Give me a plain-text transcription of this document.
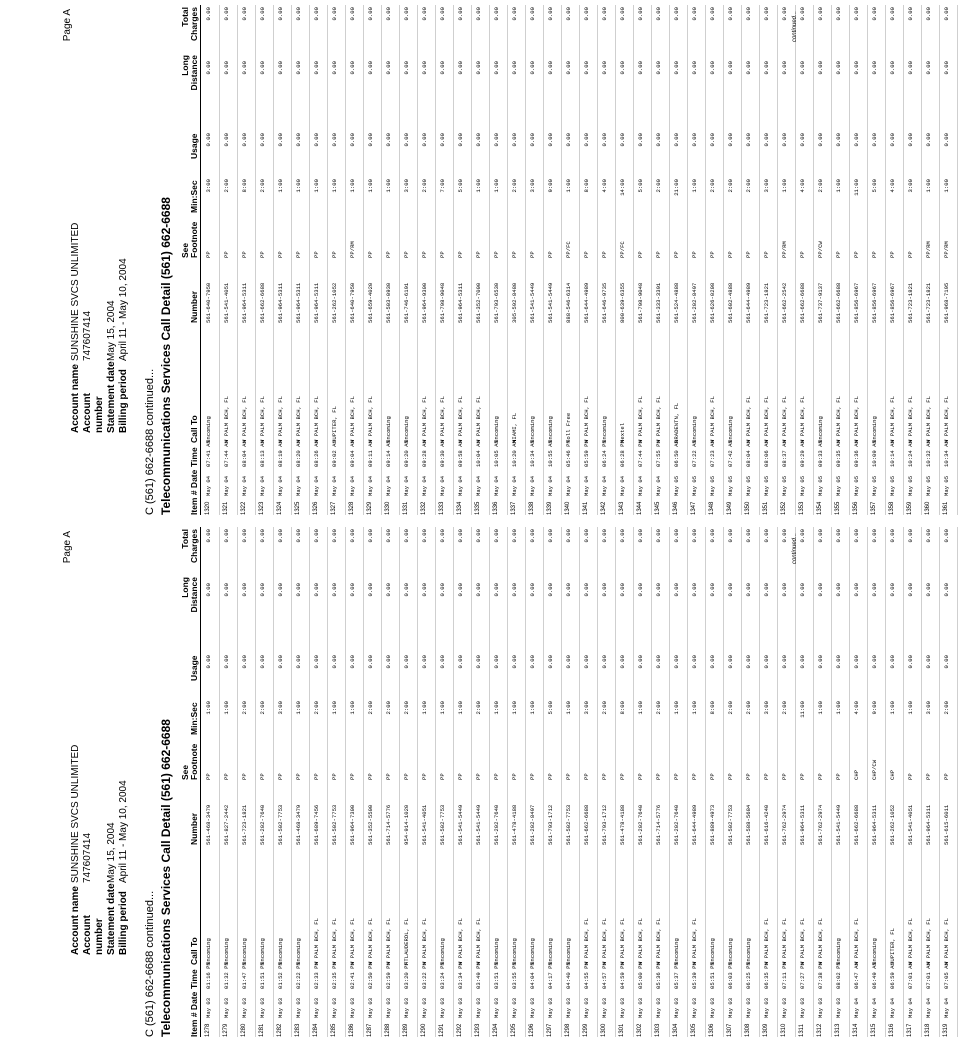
Page A
Account name
SUNSHINE SVCS UNLIMITED
Account number
747607414
Statement date
May 15, 2004
Billing period
April 11 - May 10, 2004
C (561) 662-6688 continued... Telecommunications Services Call Detail (561) 662-6688 Item # Date
Time
Call To
Number
See Footnote
Min:Sec
Usage
Long Distance
Total Charges
1278
May 03
01:16 PM
Incoming
561-468-3479
PP
1:00
0.00
0.00
0.00
1279
May 03
01:32 PM
Incoming
561-827-2442
PP
1:00
0.00
0.00
0.00
1280
May 03
01:47 PM
Incoming
561-723-1821
PP
2:00
0.00
0.00
0.00
1281
May 03
01:51 PM
Incoming
561-202-7640
PP
2:00
0.00
0.00
0.00
1282
May 03
01:52 PM
Incoming
561-502-7753
PP
3:00
0.00
0.00
0.00
1283
May 03
02:22 PM
Incoming
561-468-3479
PP
1:00
0.00
0.00
0.00
1284
May 03
02:33 PM
W PALM BCH, FL
561-689-7456
PP
2:00
0.00
0.00
0.00
1285
May 03
02:35 PM
W PALM BCH, FL
561-502-7753
PP
1:00
0.00
0.00
0.00
1286
May 03
02:41 PM
W PALM BCH, FL
561-964-7300
PP
1:00
0.00
0.00
0.00
1287
May 03
02:50 PM
W PALM BCH, FL
561-352-5500
PP
2:00
0.00
0.00
0.00
1288
May 03
02:59 PM
W PALM BCH, FL
561-714-5776
PP
2:00
0.00
0.00
0.00
1289
May 03
03:20 PM
FTLAUDERDL, FL
954-914-1020
PP
2:00
0.00
0.00
0.00
1290
May 03
03:22 PM
W PALM BCH, FL
561-541-4051
PP
1:00
0.00
0.00
0.00
1291
May 03
03:24 PM
Incoming
561-502-7753
PP
1:00
0.00
0.00
0.00
1292
May 03
03:34 PM
W PALM BCH, FL
561-541-5449
PP
1:00
0.00
0.00
0.00
1293
May 03
03:49 PM
W PALM BCH, FL
561-541-5449
PP
2:00
0.00
0.00
0.00
1294
May 03
03:51 PM
Incoming
561-202-7640
PP
1:00
0.00
0.00
0.00
1295
May 03
03:55 PM
Incoming
561-478-4188
PP
1:00
0.00
0.00
0.00
1296
May 03
04:04 PM
Incoming
561-202-8497
PP
1:00
0.00
0.00
0.00
1297
May 03
04:17 PM
Incoming
561-793-1712
PP
5:00
0.00
0.00
0.00
1298
May 03
04:40 PM
Incoming
561-502-7753
PP
1:00
0.00
0.00
0.00
1299
May 03
04:55 PM
W PALM BCH, FL
561-662-6688
PP
3:00
0.00
0.00
0.00
1300
May 03
04:57 PM
W PALM BCH, FL
561-793-1712
PP
2:00
0.00
0.00
0.00
1301
May 03
04:59 PM
W PALM BCH, FL
561-478-4188
PP
8:00
0.00
0.00
0.00
1302
May 03
05:00 PM
W PALM BCH, FL
561-202-7640
PP
1:00
0.00
0.00
0.00
1303
May 03
05:36 PM
W PALM BCH, FL
561-714-5776
PP
2:00
0.00
0.00
0.00
1304
May 03
05:37 PM
Incoming
561-202-7640
PP
1:00
0.00
0.00
0.00
1305
May 03
05:39 PM
W PALM BCH, FL
561-644-4989
PP
1:00
0.00
0.00
0.00
1306
May 03
05:51 PM
Incoming
561-889-4973
PP
8:00
0.00
0.00
0.00
1307
May 03
06:03 PM
Incoming
561-502-7753
PP
2:00
0.00
0.00
0.00
1308
May 03
06:25 PM
Incoming
561-588-5684
PP
2:00
0.00
0.00
0.00
1309
May 03
06:35 PM
W PALM BCH, FL
561-616-4240
PP
3:00
0.00
0.00
0.00
1310
May 03
07:11 PM
W PALM BCH, FL
561-762-2974
PP
2:00
0.00
0.00
0.00
1311
May 03
07:27 PM
W PALM BCH, FL
561-964-5311
PP
11:00
0.00
0.00
0.00
1312
May 03
07:38 PM
W PALM BCH, FL
561-762-2974
PP
1:00
0.00
0.00
0.00
1313
May 03
08:02 PM
Incoming
561-541-5449
PP
1:00
0.00
0.00
0.00
1314
May 04
06:47 AM
W PALM BCH, FL
561-662-6688
CHP
4:00
0.00
0.00
0.00
1315
May 04
06:49 AM
Incoming
561-964-5311
CHP/CW
9:00
0.00
0.00
0.00
1316
May 04
06:59 AM
JUPITER, FL
561-262-1052
CHP
1:00
0.00
0.00
0.00
1317
May 04
07:01 AM
W PALM BCH, FL
561-541-4051
PP
1:00
0.00
0.00
0.00
1318
May 04
07:01 AM
W PALM BCH, FL
561-964-5311
PP
3:00
0.00
0.00
0.00
1319
May 04
07:05 AM
W PALM BCH, FL
561-615-6011
PP
2:00
0.00
0.00
0.00
continued...
Page A
Account name
SUNSHINE SVCS UNLIMITED
Account number
747607414
Statement date
May 15, 2004
Billing period
April 11 - May 10, 2004
C (561) 662-6688 continued... Telecommunications Services Call Detail (561) 662-6688 Item # Date
Time
Call To
Number
See Footnote
Min:Sec
Usage
Long Distance
Total Charges
1320
May 04
07:41 AM
Incoming
561-640-7950
PP
3:00
0.00
0.00
0.00
1321
May 04
07:44 AM
W PALM BCH, FL
561-541-4051
PP
2:00
0.00
0.00
0.00
1322
May 04
08:04 AM
W PALM BCH, FL
561-964-5311
PP
8:00
0.00
0.00
0.00
1323
May 04
08:13 AM
W PALM BCH, FL
561-662-6688
PP
2:00
0.00
0.00
0.00
1324
May 04
08:19 AM
W PALM BCH, FL
561-964-5311
PP
1:00
0.00
0.00
0.00
1325
May 04
08:20 AM
W PALM BCH, FL
561-964-5311
PP
1:00
0.00
0.00
0.00
1326
May 04
08:26 AM
W PALM BCH, FL
561-964-5311
PP
1:00
0.00
0.00
0.00
1327
May 04
09:02 AM
JUPITER, FL
561-262-1052
PP
1:00
0.00
0.00
0.00
1328
May 04
09:04 AM
W PALM BCH, FL
561-640-7950
PP/RM
1:00
0.00
0.00
0.00
1329
May 04
09:11 AM
W PALM BCH, FL
561-659-4020
PP
1:00
0.00
0.00
0.00
1330
May 04
09:14 AM
Incoming
561-503-0930
PP
1:00
0.00
0.00
0.00
1331
May 04
09:20 AM
Incoming
561-746-6191
PP
3:00
0.00
0.00
0.00
1332
May 04
09:28 AM
W PALM BCH, FL
561-964-9300
PP
2:00
0.00
0.00
0.00
1333
May 04
09:30 AM
W PALM BCH, FL
561-798-9048
PP
7:00
0.00
0.00
0.00
1334
May 04
09:58 AM
W PALM BCH, FL
561-964-5311
PP
5:00
0.00
0.00
0.00
1335
May 04
10:04 AM
W PALM BCH, FL
561-352-7000
PP
1:00
0.00
0.00
0.00
1336
May 04
10:05 AM
Incoming
561-793-6530
PP
1:00
0.00
0.00
0.00
1337
May 04
10:20 AM
MIAMI, FL
305-592-8480
PP
2:00
0.00
0.00
0.00
1338
May 04
10:34 AM
Incoming
561-541-5449
PP
3:00
0.00
0.00
0.00
1339
May 04
10:55 AM
Incoming
561-541-5449
PP
9:00
0.00
0.00
0.00
1340
May 04
05:46 PM
Toll Free
888-546-6314
PP/FC
1:00
0.00
0.00
0.00
1341
May 04
05:59 PM
W PALM BCH, FL
561-644-4989
PP
8:00
0.00
0.00
0.00
1342
May 04
06:24 PM
Incoming
561-646-9735
PP
4:00
0.00
0.00
0.00
1343
May 04
06:28 PM
Nextel
800-639-6355
PP/FC
14:00
0.00
0.00
0.00
1344
May 04
07:44 PM
W PALM BCH, FL
561-798-9048
PP
5:00
0.00
0.00
0.00
1345
May 04
07:55 PM
W PALM BCH, FL
561-333-3391
PP
2:00
0.00
0.00
0.00
1346
May 05
06:50 AM
BRADENTN, FL
561-524-4888
PP
21:00
0.00
0.00
0.00
1347
May 05
07:22 AM
Incoming
561-202-8497
PP
1:00
0.00
0.00
0.00
1348
May 05
07:23 AM
W PALM BCH, FL
561-626-0208
PP
2:00
0.00
0.00
0.00
1349
May 05
07:42 AM
Incoming
561-602-4888
PP
2:00
0.00
0.00
0.00
1350
May 05
08:04 AM
W PALM BCH, FL
561-644-4989
PP
2:00
0.00
0.00
0.00
1351
May 05
08:06 AM
W PALM BCH, FL
561-723-1821
PP
3:00
0.00
0.00
0.00
1352
May 05
08:37 AM
W PALM BCH, FL
561-662-2542
PP/RM
1:00
0.00
0.00
0.00
1353
May 05
09:29 AM
W PALM BCH, FL
561-662-6688
PP
4:00
0.00
0.00
0.00
1354
May 05
09:33 AM
Incoming
561-737-9137
PP/CW
2:00
0.00
0.00
0.00
1355
May 05
09:35 AM
W PALM BCH, FL
561-662-6688
PP
1:00
0.00
0.00
0.00
1356
May 05
09:36 AM
W PALM BCH, FL
561-856-6967
PP
11:00
0.00
0.00
0.00
1357
May 05
10:09 AM
Incoming
561-856-6967
PP
5:00
0.00
0.00
0.00
1358
May 05
10:14 AM
W PALM BCH, FL
561-856-6967
PP
4:00
0.00
0.00
0.00
1359
May 05
10:24 AM
W PALM BCH, FL
561-723-1821
PP
3:00
0.00
0.00
0.00
1360
May 05
10:32 AM
W PALM BCH, FL
561-723-1821
PP/RM
1:00
0.00
0.00
0.00
1361
May 05
10:34 AM
W PALM BCH, FL
561-968-7195
PP/RM
1:00
0.00
0.00
0.00
continued...
